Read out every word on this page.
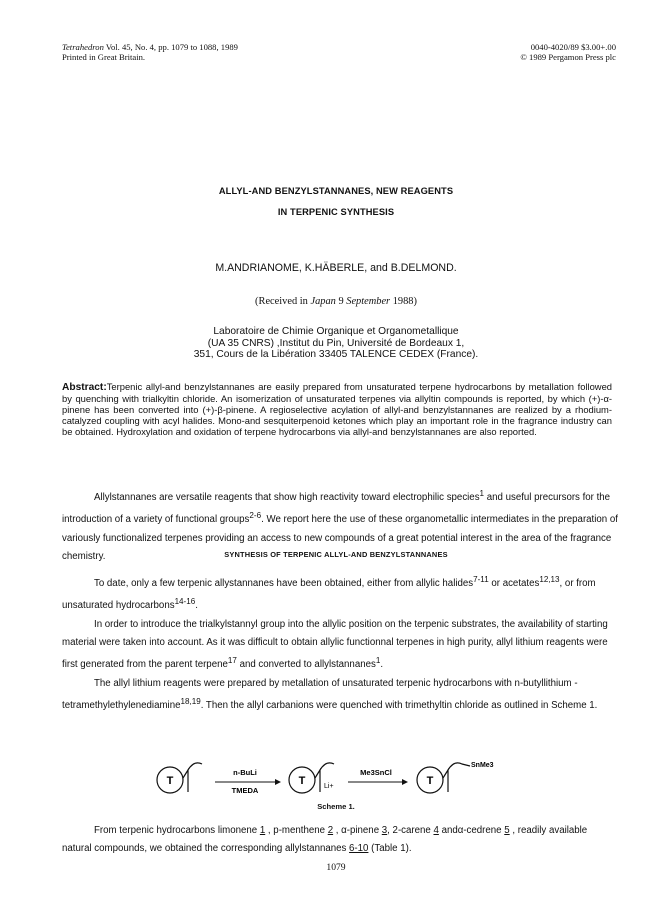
Tetrahedron Vol. 45, No. 4, pp. 1079 to 1088, 1989
Printed in Great Britain.
0040-4020/89 $3.00+.00
© 1989 Pergamon Press plc
ALLYL-AND BENZYLSTANNANES, NEW REAGENTS
IN TERPENIC SYNTHESIS
M.ANDRIANOME, K.HÄBERLE, and B.DELMOND.
(Received in Japan 9 September 1988)
Laboratoire de Chimie Organique et Organometallique
(UA 35 CNRS) ,Institut du Pin, Université de Bordeaux 1,
351, Cours de la Libération 33405 TALENCE CEDEX (France).
Abstract:Terpenic allyl-and benzylstannanes are easily prepared from unsaturated terpene hydrocarbons by metallation followed by quenching with trialkyltin chloride. An isomerization of unsaturated terpenes via allyltin compounds is reported, by which (+)-α-pinene has been converted into (+)-β-pinene. A regioselective acylation of allyl-and benzylstannanes are realized by a rhodium-catalyzed coupling with acyl halides. Mono-and sesquiterpenoid ketones which play an important role in the fragrance industry can be obtained. Hydroxylation and oxidation of terpene hydrocarbons via allyl-and benzylstannanes are also reported.

Allylstannanes are versatile reagents that show high reactivity toward electrophilic species$^1$ and useful precursors for the introduction of a variety of functional groups$^{2-6}$. We report here the use of these organometallic intermediates in the preparation of variously functionalized terpenes providing an access to new compounds of a great potential interest in the area of the fragrance chemistry.	SYNTHESIS OF TERPENIC ALLYL-AND BENZYLSTANNANES

To date, only a few terpenic allystannanes have been obtained, either from allylic halides$^{7-11}$ or acetates$^{12,13}$, or from unsaturated hydrocarbons$^{14-16}$.

In order to introduce the trialkylstannyl group into the allylic position on the terpenic substrates, the availability of starting material were taken into account. As it was difficult to obtain allylic functionnal terpenes in high purity, allyl lithium reagents were first generated from the parent terpene$^{17}$ and converted to allylstannanes$^1$.

The allyl lithium reagents were prepared by metallation of unsaturated terpenic hydrocarbons with n-butyllithium -tetramethylethylenediamine$^{18,19}$. Then the allyl carbanions were quenched with trimethyltin chloride as outlined in Scheme 1.

T
n-BuLi
TMEDA
T	Li+
Me3SnCl
T
SnMe3
Scheme 1.

From terpenic hydrocarbons limonene 1 , p-menthene 2 , α-pinene 3, 2-carene 4 andα-cedrene 5 , readily available natural compounds, we obtained the corresponding allylstannanes 6-10 (Table 1).

1079
